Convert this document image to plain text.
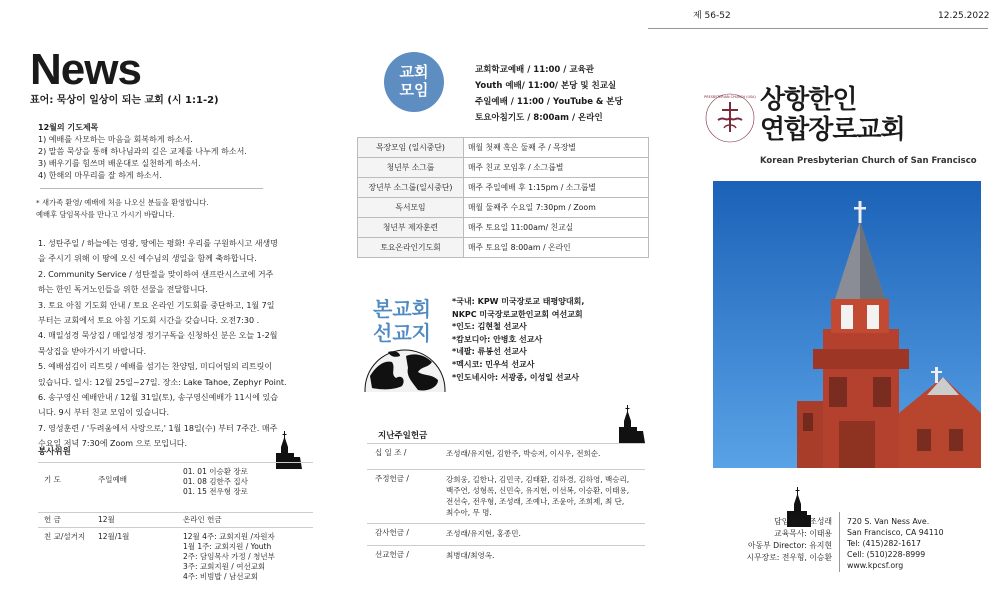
제 56-52	12.25.2022
News
표어: 묵상이 일상이 되는 교회 (시 1:1-2)
12월의 기도제목
1) 예배를 사모하는 마음을 회복하게 하소서.
2) 말씀 묵상을 통해 하나님과의 깊은 교제를 나누게 하소서.
3) 배우기를 힘쓰며 배운대로 실천하게 하소서.
4) 한해의 마무리를 잘 하게 하소서.
* 새가족 환영/ 예배에 처음 나오신 분들을 환영합니다.
예배후 담임목사를 만나고 가시기 바랍니다.
1. 성탄주일 / 하늘에는 영광, 땅에는 평화! 우리를 구원하시고 새생명
을 주시기 위해 이 땅에 오신 예수님의 생일을 함께 축하합니다.
2. Community Service / 성탄절을 맞이하여 샌프란시스코에 거주
하는 한인 독거노인들을 위한 선물을 전달합니다.
3. 토요 아침 기도회 안내 / 토요 온라인 기도회를 중단하고, 1월 7일
부터는 교회에서 토요 아침 기도회 시간을 갖습니다. 오전7:30 .
4. 매일성경 묵상집 / 매일성경 정기구독을 신청하신 분은 오늘 1-2월
묵상집을 받아가시기 바랍니다.
5. 예배섬김이 리트릿 / 예배를 섬기는 찬양팀, 미디어팀의 리트릿이
있습니다. 일시: 12월 25일~27일. 장소: Lake Tahoe, Zephyr Point.
6. 송구영신 예배안내 / 12월 31일(토), 송구영신예배가 11시에 있습
니다. 9시 부터 친교 모임이 있습니다.
7. 영성훈련 / '두려움에서 사랑으로,' 1월 18일(수) 부터 7주간. 매주
수요일 저녁 7:30에 Zoom 으로 모입니다.
봉사위원
기 도	주일예배
01. 01 이승환 장로
01. 08 김한주 집사
01. 15 전우형 장로
헌 금	12월	온라인 헌금
친 교/설거지 12월/1월	12월 4주: 교회지원 /자원자
1월 1주: 교회지원 / Youth
2주: 담임목사 가정 / 청년부
3주: 교회지원 / 여선교회
4주: 비빔밥 / 남선교회
교회
모임
교회학교예배 / 11:00 / 교육관
Youth 예배/ 11:00/ 본당 및 친교실
주일예배 / 11:00 / YouTube & 본당
토요아침기도 / 8:00am / 온라인
목장모임 (일시중단)	매월 첫째 혹은 둘째 주 / 목장별
청년부 소그룹	매주 친교 모임후 / 소그룹별
장년부 소그룹(일시중단)	매주 주일예배 후 1:15pm / 소그룹별
독서모임	매월 둘째주 수요일 7:30pm / Zoom
청년부 제자훈련	매주 토요일 11:00am/ 친교실
토요온라인기도회	매주 토요일 8:00am / 온라인
본교회
선교지
*국내: KPW 미국장로교 태평양대회,
NKPC 미국장로교한인교회 여선교회
*인도: 김현철 선교사
*캄보디아: 안병호 선교사
*네팔: 류봉선 선교사
*멕시코: 민우석 선교사
*인도네시아: 서광종, 이성일 선교사
지난주일헌금
십 일 조 /	조성래/유지현, 김한주, 박승저, 이시우, 전희순.
주정헌금 /	강희웅, 길한나, 김민국, 김태환, 김하경, 김하영, 백승리,
백주연, 성형록, 신민숙, 유지현, 이선복, 이승환, 이태용,
전선숙, 전우형, 조성래, 조예나, 조윤아, 조희제, 최 단,
최수아, 무 명.
감사헌금 /	조성래/유지현, 홍종민.
선교헌금 /	최병대/최영옥.
PRESBYTERIAN CHURCH (USA) 상항한인
연합장로교회
Korean Presbyterian Church of San Francisco
담임목사: 조성래
교육목사: 이태용
아동부 Director: 유지현
시무장로: 전우형, 이승환
720 S. Van Ness Ave.
San Francisco, CA 94110
Tel: (415)282-1617
Cell: (510)228-8999
www.kpcsf.org
